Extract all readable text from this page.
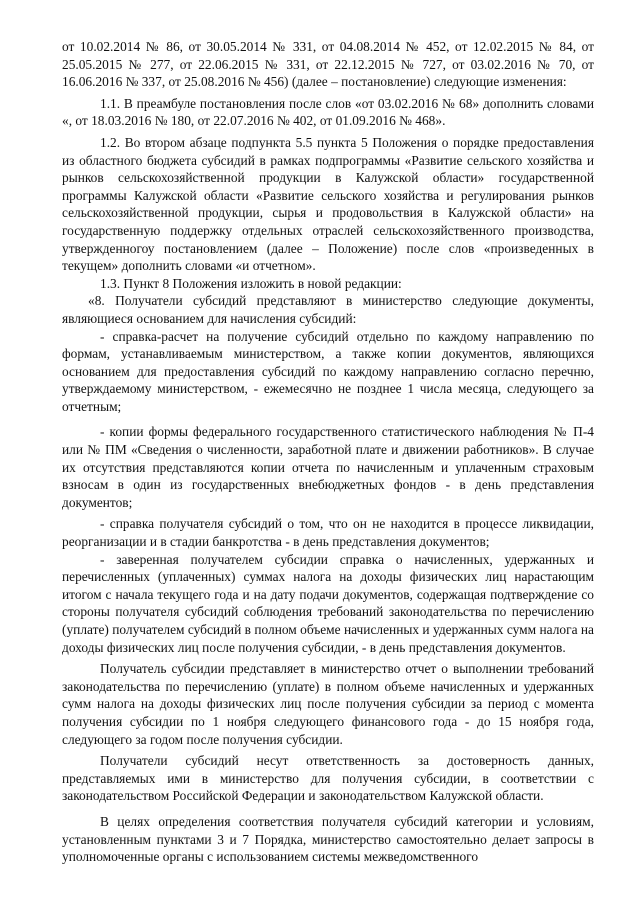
от 10.02.2014 № 86, от 30.05.2014 № 331, от 04.08.2014 № 452, от 12.02.2015 № 84, от 25.05.2015 № 277, от 22.06.2015 № 331, от 22.12.2015 № 727, от 03.02.2016 № 70, от 16.06.2016 № 337, от 25.08.2016 № 456) (далее – постановление) следующие изменения:

1.1. В преамбуле постановления после слов «от 03.02.2016 № 68» дополнить словами «, от 18.03.2016 № 180, от 22.07.2016 № 402, от 01.09.2016 № 468».

1.2. Во втором абзаце подпункта 5.5 пункта 5 Положения о порядке предоставления из областного бюджета субсидий в рамках подпрограммы «Развитие сельского хозяйства и рынков сельскохозяйственной продукции в Калужской области» государственной программы Калужской области «Развитие сельского хозяйства и регулирования рынков сельскохозяйственной продукции, сырья и продовольствия в Калужской области» на государственную поддержку отдельных отраслей сельскохозяйственного производства, утвержденногоу постановлением (далее – Положение) после слов «произведенных в текущем» дополнить словами «и отчетном».

1.3. Пункт 8 Положения изложить в новой редакции:

«8. Получатели субсидий представляют в министерство следующие документы, являющиеся основанием для начисления субсидий:

- справка-расчет на получение субсидий отдельно по каждому направлению по формам, устанавливаемым министерством, а также копии документов, являющихся основанием для предоставления субсидий по каждому направлению согласно перечню, утверждаемому министерством, - ежемесячно не позднее 1 числа месяца, следующего за отчетным;

- копии формы федерального государственного статистического наблюдения № П-4 или № ПМ «Сведения о численности, заработной плате и движении работников». В случае их отсутствия представляются копии отчета по начисленным и уплаченным страховым взносам в один из государственных внебюджетных фондов - в день представления документов;

- справка получателя субсидий о том, что он не находится в процессе ликвидации, реорганизации и в стадии банкротства - в день представления документов;

- заверенная получателем субсидии справка о начисленных, удержанных и перечисленных (уплаченных) суммах налога на доходы физических лиц нарастающим итогом с начала текущего года и на дату подачи документов, содержащая подтверждение со стороны получателя субсидий соблюдения требований законодательства по перечислению (уплате) получателем субсидий в полном объеме начисленных и удержанных сумм налога на доходы физических лиц после получения субсидии, - в день представления документов.

Получатель субсидии представляет в министерство отчет о выполнении требований законодательства по перечислению (уплате) в полном объеме начисленных и удержанных сумм налога на доходы физических лиц после получения субсидии за период с момента получения субсидии по 1 ноября следующего финансового года - до 15 ноября года, следующего за годом после получения субсидии.

Получатели субсидий несут ответственность за достоверность данных, представляемых ими в министерство для получения субсидии, в соответствии с законодательством Российской Федерации и законодательством Калужской области.

В целях определения соответствия получателя субсидий категории и условиям, установленным пунктами 3 и 7 Порядка, министерство самостоятельно делает запросы в уполномоченные органы с использованием системы межведомственного
